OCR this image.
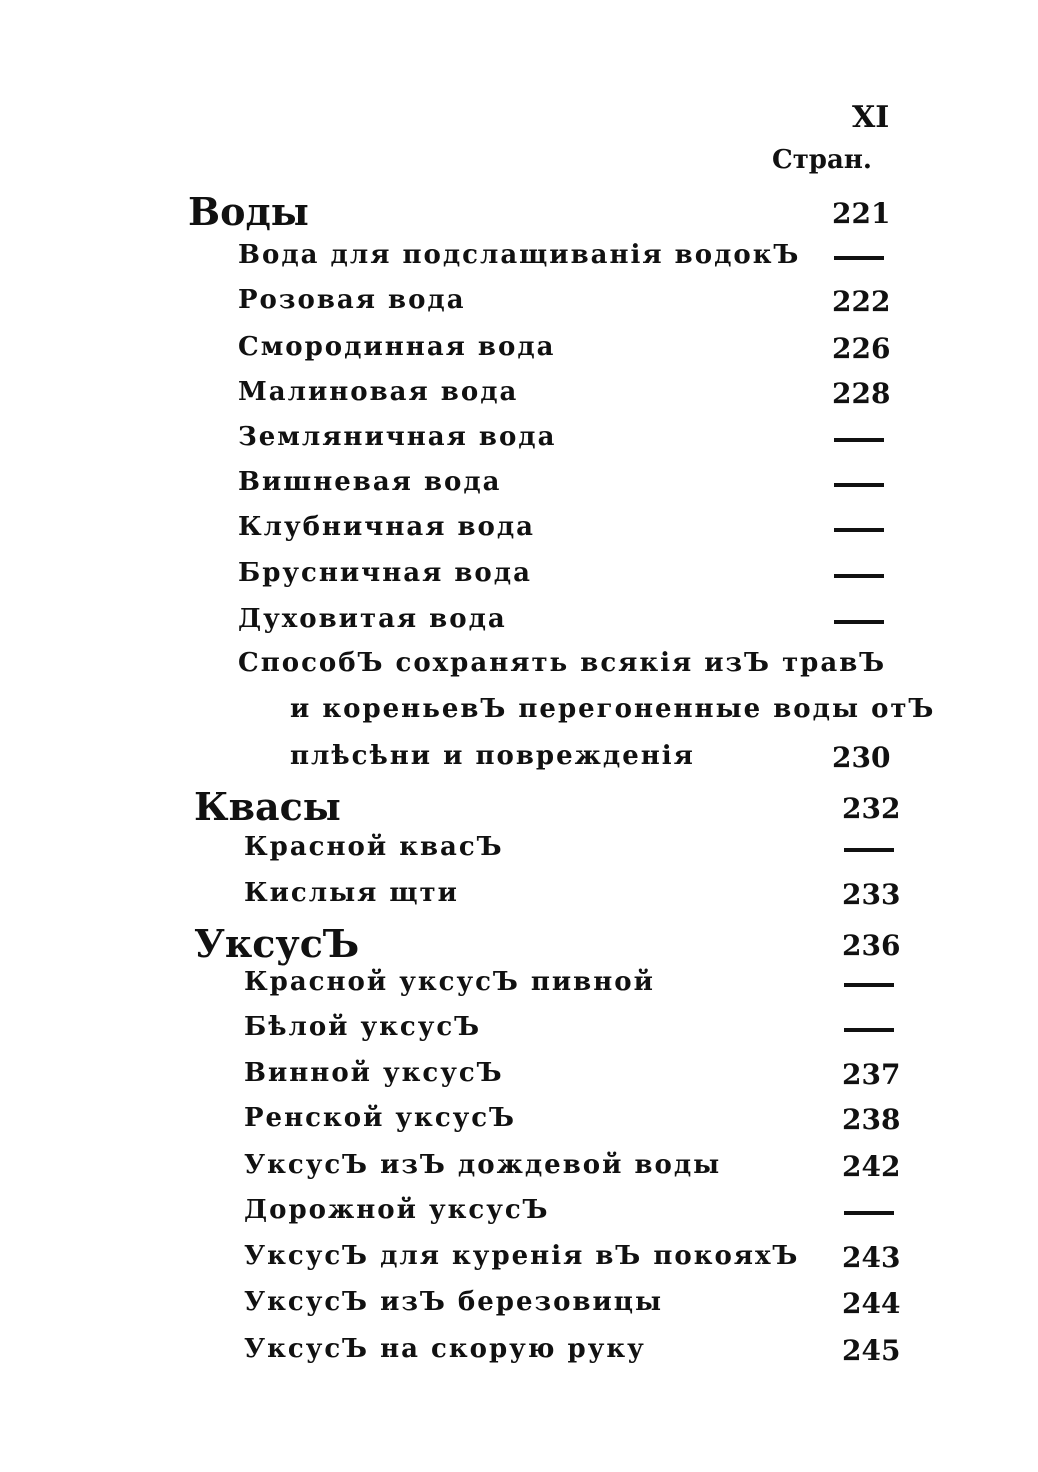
XI
Стран.
Воды	221
Вода для подслащиванія водокЪ
Розовая вода	222
Смородинная вода	226
Малиновая вода	228
Земляничная вода
Вишневая вода
Клубничная вода
Брусничная вода
Духовитая вода
СпособЪ сохранять всякія изЪ травЪ
и кореньевЪ перегоненные воды отЪ
плѣсѣни и поврежденія	230
Квасы	232
Красной квасЪ
Кислыя щти	233
УксусЪ	236
Красной уксусЪ пивной
Бѣлой уксусЪ
Винной уксусЪ	237
Ренской уксусЪ	238
УксусЪ изЪ дождевой воды	242
Дорожной уксусЪ
УксусЪ для куренія вЪ покояхЪ 243
УксусЪ изЪ березовицы	244
УксусЪ на скорую руку	245
